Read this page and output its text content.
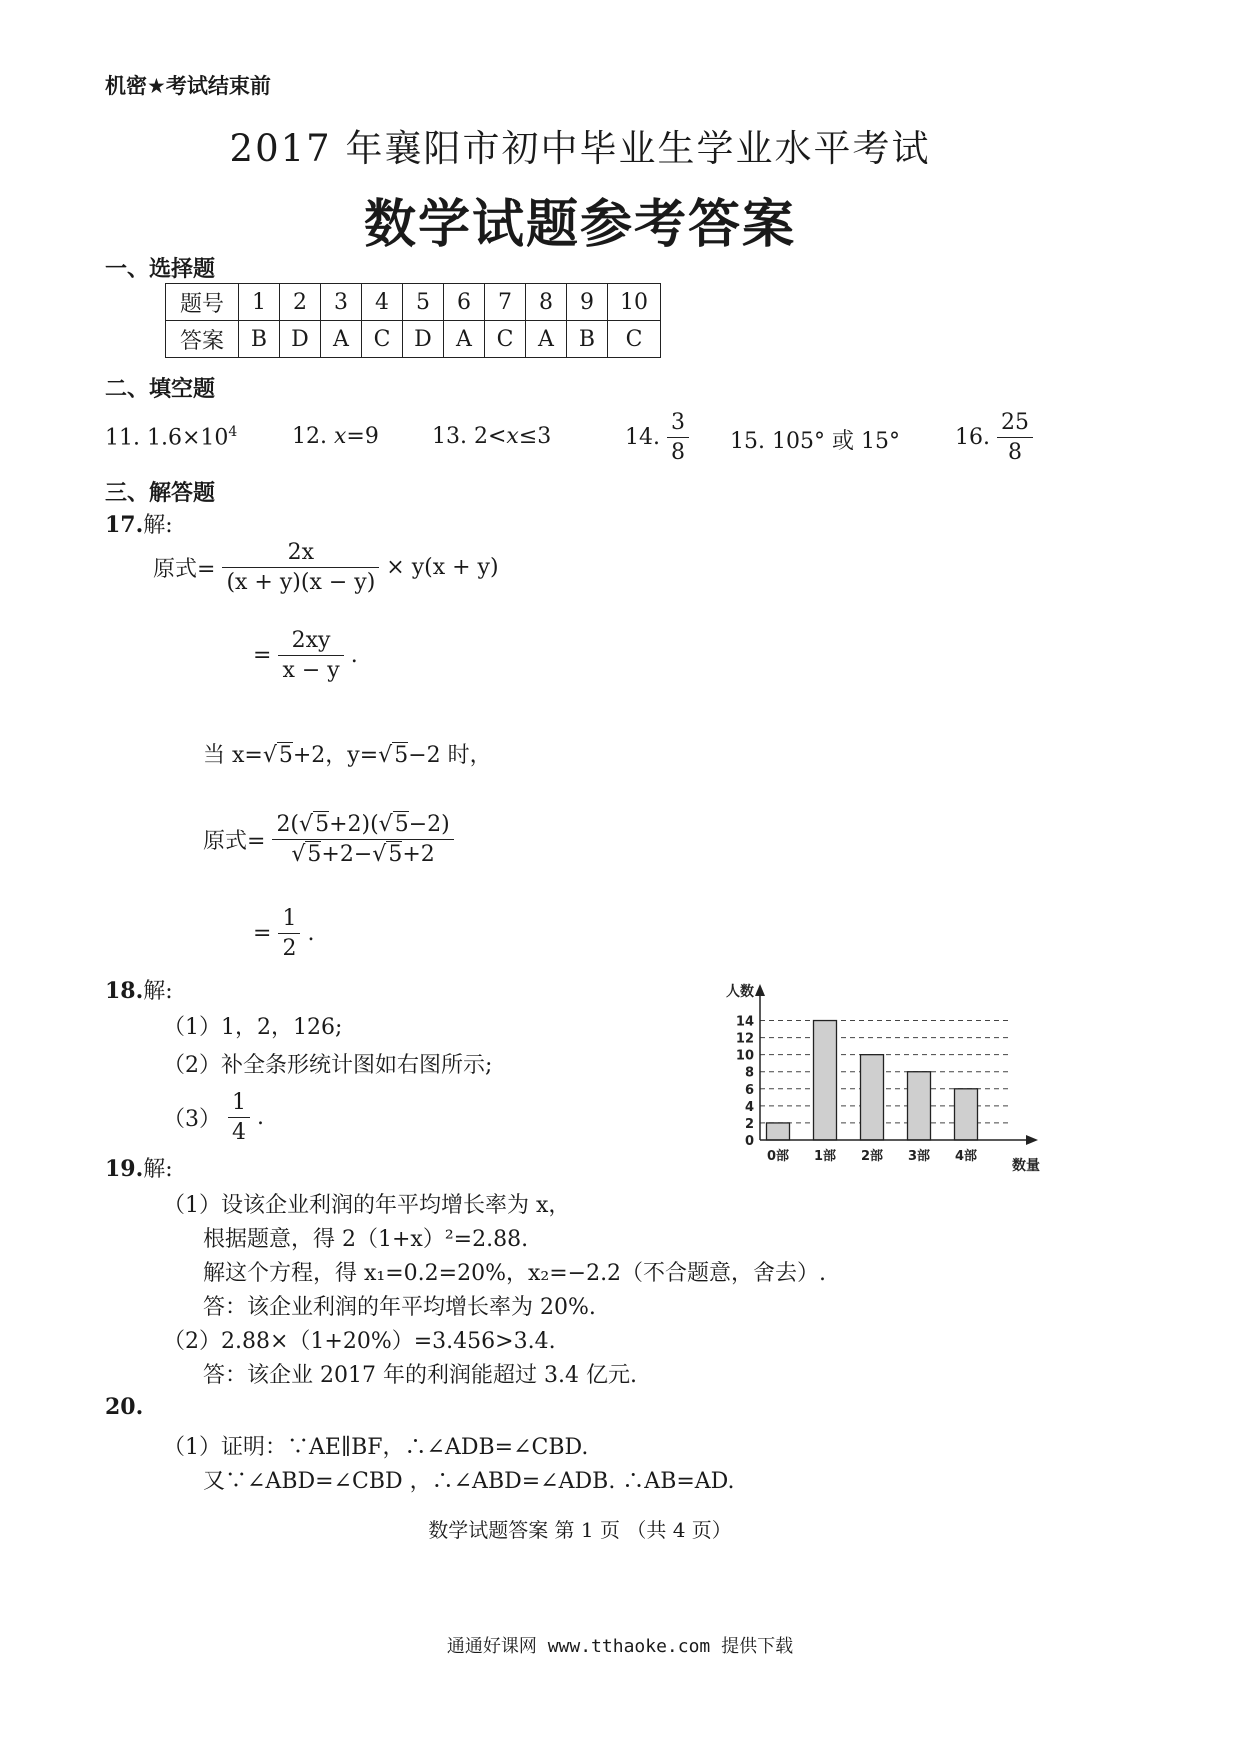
机密★考试结束前
2017 年襄阳市初中毕业生学业水平考试
数学试题参考答案
一、选择题
题号	1	2	3	4	5	6	7	8	9	10
答案	B	D	A	C	D	A	C	A	B	C
二、填空题
11. $1.6\times 10^4$ 12. x=9 13. 2<x≤3	14. $\frac{3}{8} 15$. 105° 或 15°	16. $\frac{25}{8}$
三、解答题
17.解:
原式= $\frac{2x}{(x + y)(x - y)} \times y(x + y)$
= $\frac{2xy}{x - y}$ .
当 x=√5+2，y=√5−2 时，
原式= $\frac{2(√5+2)(√5-2)}{√5+2-√5+2}$
= $\frac{1}{2}$ .
18.解:
（1）1，2，126;
（2）补全条形统计图如右图所示;
$(3) \frac{1}{4}$ .
0
2
4
6
8
10
12
14
0部 1部 2部 3部 4部
人数
数量
19.解:
（1）设该企业利润的年平均增长率为 x，
根据题意，得 2（1+x）²=2.88.
解这个方程，得 x₁=0.2=20%，x₂=−2.2（不合题意，舍去）.
答：该企业利润的年平均增长率为 20%.
（2）2.88×（1+20%）=3.456>3.4.
答：该企业 2017 年的利润能超过 3.4 亿元.
20.
（1）证明：∵AE∥BF，∴∠ADB=∠CBD.
又∵∠ABD=∠CBD ，∴∠ABD=∠ADB. ∴AB=AD.
数学试题答案 第 1 页 （共 4 页）
通通好课网 www.tthaoke.com 提供下载
